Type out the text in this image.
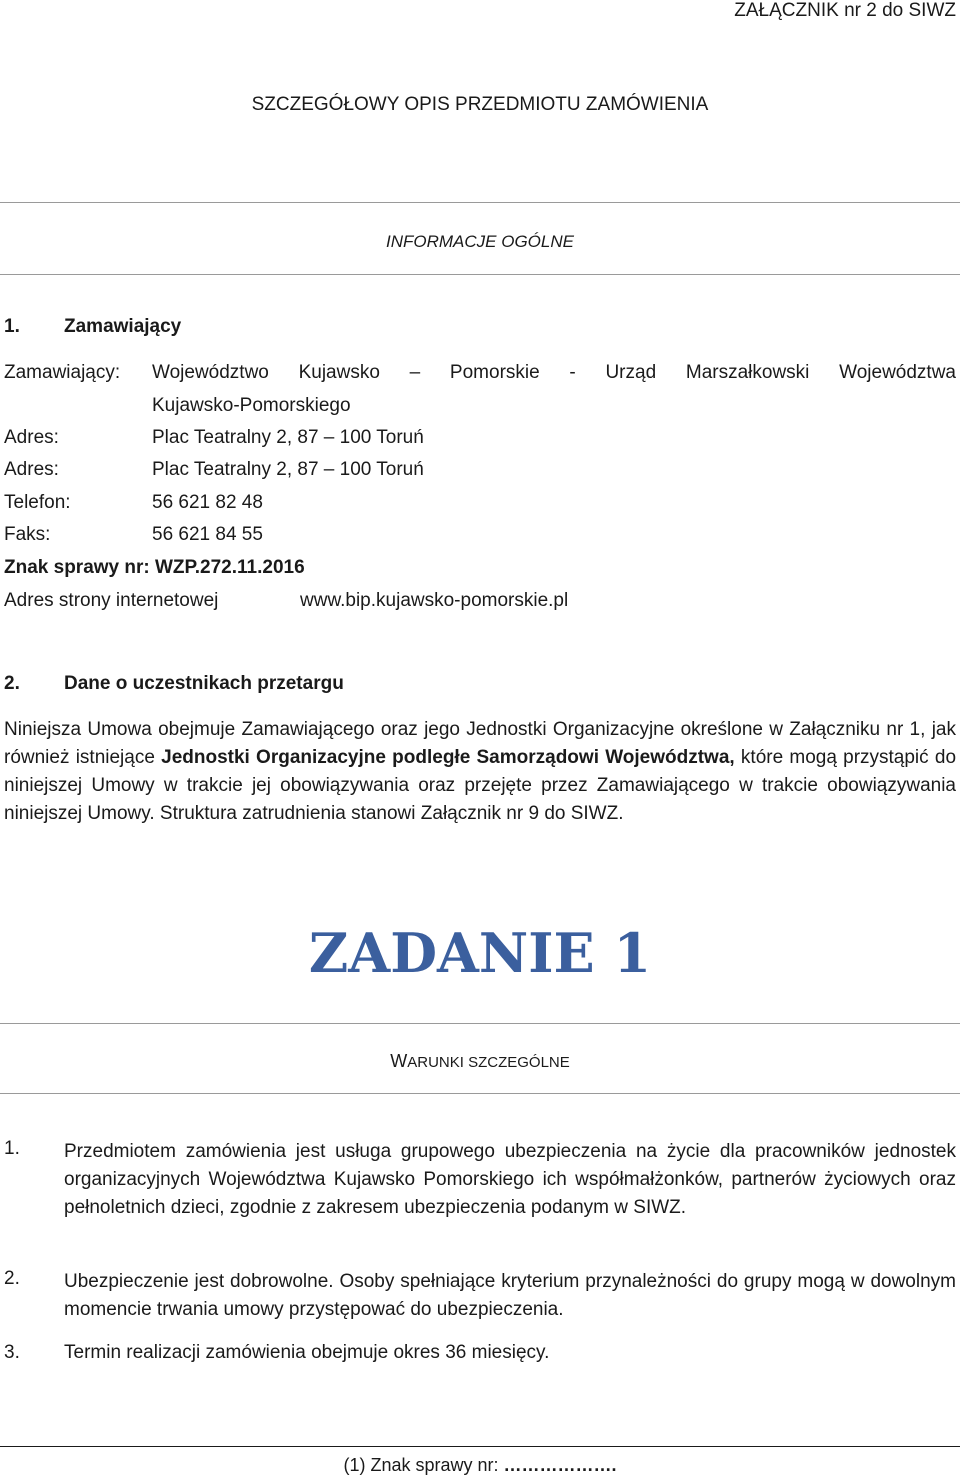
ZAŁĄCZNIK nr 2 do SIWZ
SZCZEGÓŁOWY OPIS PRZEDMIOTU ZAMÓWIENIA
INFORMACJE OGÓLNE
1. Zamawiający
Zamawiający: Województwo Kujawsko – Pomorskie - Urząd Marszałkowski Województwa
Kujawsko-Pomorskiego
Adres:	Plac Teatralny 2, 87 – 100 Toruń
Adres:	Plac Teatralny 2, 87 – 100 Toruń
Telefon:	56 621 82 48
Faks:	56 621 84 55
Znak sprawy nr: WZP.272.11.2016
Adres strony internetowej	www.bip.kujawsko-pomorskie.pl
2. Dane o uczestnikach przetargu
Niniejsza Umowa obejmuje Zamawiającego oraz jego Jednostki Organizacyjne określone w Załączniku nr 1, jak również istniejące Jednostki Organizacyjne podległe Samorządowi Województwa, które mogą przystąpić do niniejszej Umowy w trakcie jej obowiązywania oraz przejęte przez Zamawiającego w trakcie obowiązywania niniejszej Umowy. Struktura zatrudnienia stanowi Załącznik nr 9 do SIWZ.
ZADANIE 1
WARUNKI SZCZEGÓLNE
1. Przedmiotem zamówienia jest usługa grupowego ubezpieczenia na życie dla pracowników jednostek organizacyjnych Województwa Kujawsko Pomorskiego ich współmałżonków, partnerów życiowych oraz pełnoletnich dzieci, zgodnie z zakresem ubezpieczenia podanym w SIWZ.
2. Ubezpieczenie jest dobrowolne. Osoby spełniające kryterium przynależności do grupy mogą w dowolnym momencie trwania umowy przystępować do ubezpieczenia.
3. Termin realizacji zamówienia obejmuje okres 36 miesięcy.
(1) Znak sprawy nr: ……………….
